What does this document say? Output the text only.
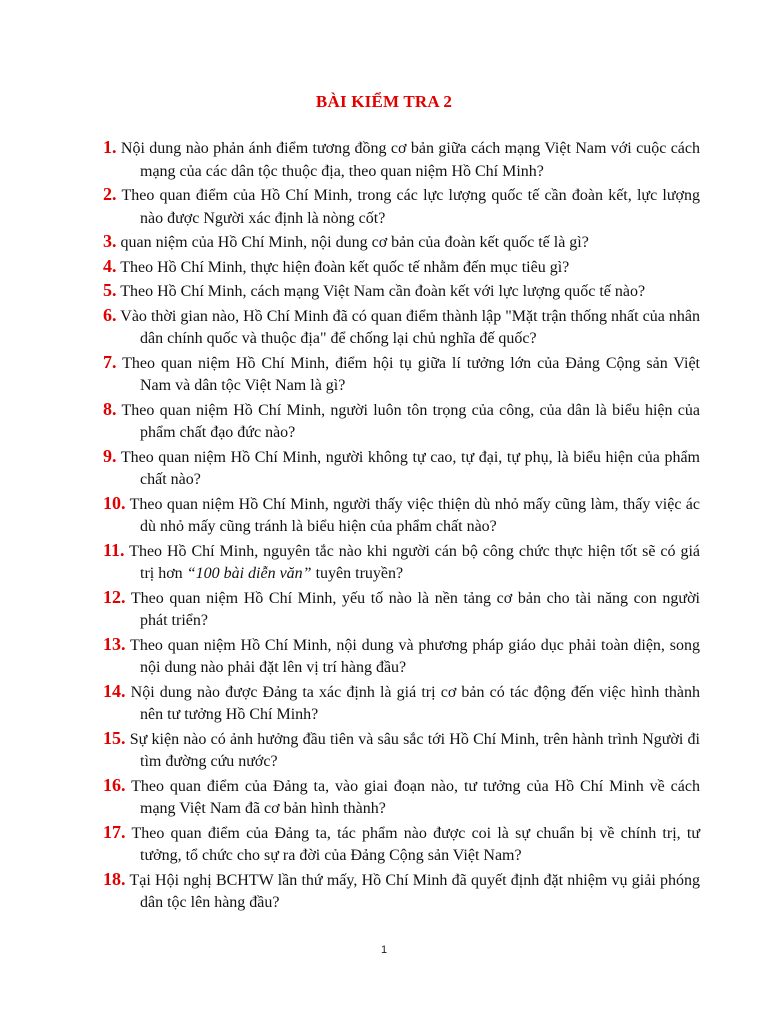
BÀI KIỂM TRA 2
1. Nội dung nào phản ánh điểm tương đồng cơ bản giữa cách mạng Việt Nam với cuộc cách mạng của các dân tộc thuộc địa, theo quan niệm Hồ Chí Minh?
2. Theo quan điểm của Hồ Chí Minh, trong các lực lượng quốc tế cần đoàn kết, lực lượng nào được Người xác định là nòng cốt?
3. quan niệm của Hồ Chí Minh, nội dung cơ bản của đoàn kết quốc tế là gì?
4. Theo Hồ Chí Minh, thực hiện đoàn kết quốc tế nhằm đến mục tiêu gì?
5. Theo Hồ Chí Minh, cách mạng Việt Nam cần đoàn kết với lực lượng quốc tế nào?
6. Vào thời gian nào, Hồ Chí Minh đã có quan điểm thành lập "Mặt trận thống nhất của nhân dân chính quốc và thuộc địa" để chống lại chủ nghĩa đế quốc?
7. Theo quan niệm Hồ Chí Minh, điểm hội tụ giữa lí tưởng lớn của Đảng Cộng sản Việt Nam và dân tộc Việt Nam là gì?
8. Theo quan niệm Hồ Chí Minh, người luôn tôn trọng của công, của dân là biểu hiện của phẩm chất đạo đức nào?
9. Theo quan niệm Hồ Chí Minh, người không tự cao, tự đại, tự phụ, là biểu hiện của phẩm chất nào?
10. Theo quan niệm Hồ Chí Minh, người thấy việc thiện dù nhỏ mấy cũng làm, thấy việc ác dù nhỏ mấy cũng tránh là biểu hiện của phẩm chất nào?
11. Theo Hồ Chí Minh, nguyên tắc nào khi người cán bộ công chức thực hiện tốt sẽ có giá trị hơn “100 bài diễn văn” tuyên truyền?
12. Theo quan niệm Hồ Chí Minh, yếu tố nào là nền tảng cơ bản cho tài năng con người phát triển?
13. Theo quan niệm Hồ Chí Minh, nội dung và phương pháp giáo dục phải toàn diện, song nội dung nào phải đặt lên vị trí hàng đầu?
14. Nội dung nào được Đảng ta xác định là giá trị cơ bản có tác động đến việc hình thành nên tư tưởng Hồ Chí Minh?
15. Sự kiện nào có ảnh hưởng đầu tiên và sâu sắc tới Hồ Chí Minh, trên hành trình Người đi tìm đường cứu nước?
16. Theo quan điểm của Đảng ta, vào giai đoạn nào, tư tưởng của Hồ Chí Minh về cách mạng Việt Nam đã cơ bản hình thành?
17. Theo quan điểm của Đảng ta, tác phẩm nào được coi là sự chuẩn bị về chính trị, tư tưởng, tổ chức cho sự ra đời của Đảng Cộng sản Việt Nam?
18. Tại Hội nghị BCHTW lần thứ mấy, Hồ Chí Minh đã quyết định đặt nhiệm vụ giải phóng dân tộc lên hàng đầu?
1
